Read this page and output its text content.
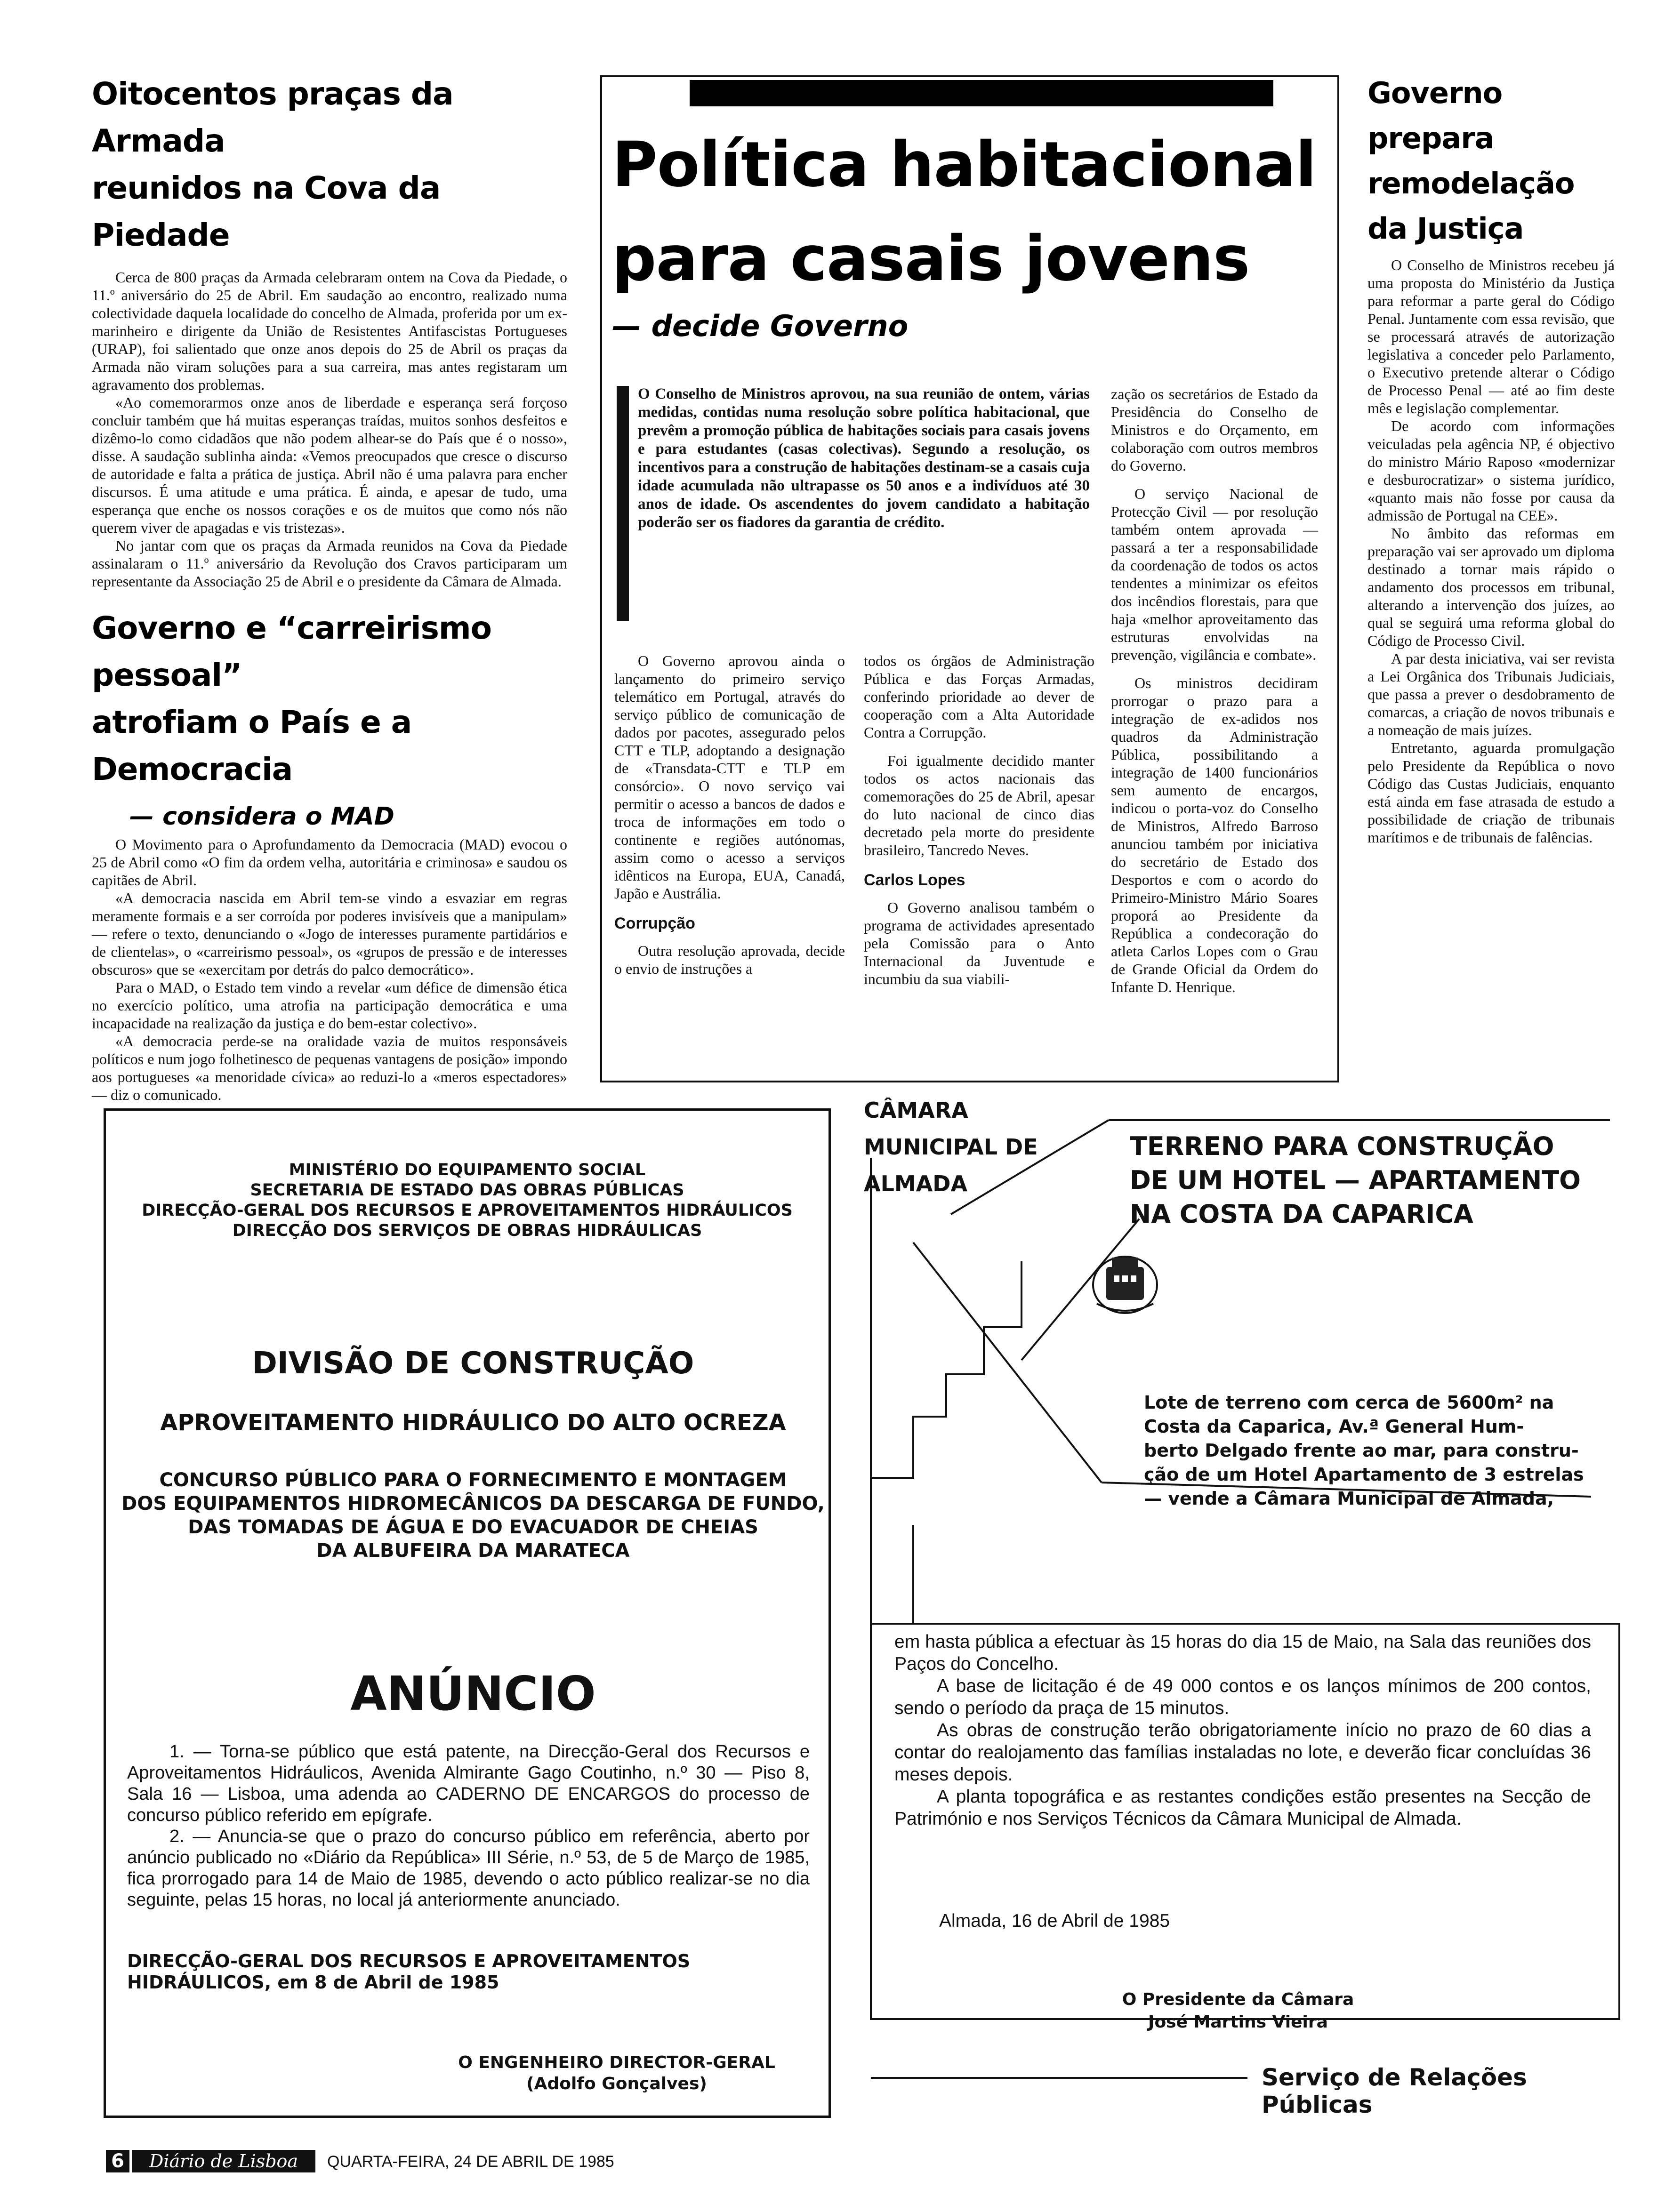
Oitocentos praças da Armada
reunidos na Cova da Piedade

Cerca de 800 praças da Armada celebraram ontem na Cova da Piedade, o 11.º aniversário do 25 de Abril. Em saudação ao encontro, realizado numa colectividade daquela localidade do concelho de Almada, proferida por um ex-marinheiro e dirigente da União de Resistentes Antifascistas Portugueses (URAP), foi salientado que onze anos depois do 25 de Abril os praças da Armada não viram soluções para a sua carreira, mas antes registaram um agravamento dos problemas.

«Ao comemorarmos onze anos de liberdade e esperança será forçoso concluir também que há muitas esperanças traídas, muitos sonhos desfeitos e dizêmo-lo como cidadãos que não podem alhear-se do País que é o nosso», disse. A saudação sublinha ainda: «Vemos preocupados que cresce o discurso de autoridade e falta a prática de justiça. Abril não é uma palavra para encher discursos. É uma atitude e uma prática. É ainda, e apesar de tudo, uma esperança que enche os nossos corações e os de muitos que como nós não querem viver de apagadas e vis tristezas».

No jantar com que os praças da Armada reunidos na Cova da Piedade assinalaram o 11.º aniversário da Revolução dos Cravos participaram um representante da Associação 25 de Abril e o presidente da Câmara de Almada.

Governo e “carreirismo pessoal”
atrofiam o País e a Democracia
— considera o MAD

O Movimento para o Aprofundamento da Democracia (MAD) evocou o 25 de Abril como «O fim da ordem velha, autoritária e criminosa» e saudou os capitães de Abril.

«A democracia nascida em Abril tem-se vindo a esvaziar em regras meramente formais e a ser corroída por poderes invisíveis que a manipulam» — refere o texto, denunciando o «Jogo de interesses puramente partidários e de clientelas», o «carreirismo pessoal», os «grupos de pressão e de interesses obscuros» que se «exercitam por detrás do palco democrático».

Para o MAD, o Estado tem vindo a revelar «um défice de dimensão ética no exercício político, uma atrofia na participação democrática e uma incapacidade na realização da justiça e do bem-estar colectivo».

«A democracia perde-se na oralidade vazia de muitos responsáveis políticos e num jogo folhetinesco de pequenas vantagens de posição» impondo aos portugueses «a menoridade cívica» ao reduzi-lo a «meros espectadores» — diz o comunicado.

Política habitacional
para casais jovens
— decide Governo
O Conselho de Ministros aprovou, na sua reunião de ontem, várias medidas, contidas numa resolução sobre política habitacional, que prevêm a promoção pública de habitações sociais para casais jovens e para estudantes (casas colectivas). Segundo a resolução, os incentivos para a construção de habitações destinam-se a casais cuja idade acumulada não ultrapasse os 50 anos e a indivíduos até 30 anos de idade. Os ascendentes do jovem candidato a habitação poderão ser os fiadores da garantia de crédito.

zação os secretários de Estado da Presidência do Conselho de Ministros e do Orçamento, em colaboração com outros membros do Governo.

O serviço Nacional de Protecção Civil — por resolução também ontem aprovada — passará a ter a responsabilidade da coordenação de todos os actos tendentes a minimizar os efeitos dos incêndios florestais, para que haja «melhor aproveitamento das estruturas envolvidas na prevenção, vigilância e combate».

Os ministros decidiram prorrogar o prazo para a integração de ex-adidos nos quadros da Administração Pública, possibilitando a integração de 1400 funcionários sem aumento de encargos, indicou o porta-voz do Conselho de Ministros, Alfredo Barroso anunciou também por iniciativa do secretário de Estado dos Desportos e com o acordo do Primeiro-Ministro Mário Soares proporá ao Presidente da República a condecoração do atleta Carlos Lopes com o Grau de Grande Oficial da Ordem do Infante D. Henrique.

O Governo aprovou ainda o lançamento do primeiro serviço telemático em Portugal, através do serviço público de comunicação de dados por pacotes, assegurado pelos CTT e TLP, adoptando a designação de «Transdata-CTT e TLP em consórcio». O novo serviço vai permitir o acesso a bancos de dados e troca de informações em todo o continente e regiões autónomas, assim como o acesso a serviços idênticos na Europa, EUA, Canadá, Japão e Austrália.

Corrupção

Outra resolução aprovada, decide o envio de instruções a

todos os órgãos de Administração Pública e das Forças Armadas, conferindo prioridade ao dever de cooperação com a Alta Autoridade Contra a Corrupção.

Foi igualmente decidido manter todos os actos nacionais das comemorações do 25 de Abril, apesar do luto nacional de cinco dias decretado pela morte do presidente brasileiro, Tancredo Neves.

Carlos Lopes

O Governo analisou também o programa de actividades apresentado pela Comissão para o Anto Internacional da Juventude e incumbiu da sua viabili-

Governo
prepara
remodelação
da Justiça

O Conselho de Ministros recebeu já uma proposta do Ministério da Justiça para reformar a parte geral do Código Penal. Juntamente com essa revisão, que se processará através de autorização legislativa a conceder pelo Parlamento, o Executivo pretende alterar o Código de Processo Penal — até ao fim deste mês e legislação complementar.

De acordo com informações veiculadas pela agência NP, é objectivo do ministro Mário Raposo «modernizar e desburocratizar» o sistema jurídico, «quanto mais não fosse por causa da admissão de Portugal na CEE».

No âmbito das reformas em preparação vai ser aprovado um diploma destinado a tornar mais rápido o andamento dos processos em tribunal, alterando a intervenção dos juízes, ao qual se seguirá uma reforma global do Código de Processo Civil.

A par desta iniciativa, vai ser revista a Lei Orgânica dos Tribunais Judiciais, que passa a prever o desdobramento de comarcas, a criação de novos tribunais e a nomeação de mais juízes.

Entretanto, aguarda promulgação pelo Presidente da República o novo Código das Custas Judiciais, enquanto está ainda em fase atrasada de estudo a possibilidade de criação de tribunais marítimos e de tribunais de falências.

MINISTÉRIO DO EQUIPAMENTO SOCIAL
SECRETARIA DE ESTADO DAS OBRAS PÚBLICAS
DIRECÇÃO-GERAL DOS RECURSOS E APROVEITAMENTOS HIDRÁULICOS
DIRECÇÃO DOS SERVIÇOS DE OBRAS HIDRÁULICAS
DIVISÃO DE CONSTRUÇÃO
APROVEITAMENTO HIDRÁULICO DO ALTO OCREZA
CONCURSO PÚBLICO PARA O FORNECIMENTO E MONTAGEM
DOS EQUIPAMENTOS HIDROMECÂNICOS DA DESCARGA DE FUNDO,
DAS TOMADAS DE ÁGUA E DO EVACUADOR DE CHEIAS
DA ALBUFEIRA DA MARATECA
ANÚNCIO

1. — Torna-se público que está patente, na Direcção-Geral dos Recursos e Aproveitamentos Hidráulicos, Avenida Almirante Gago Coutinho, n.º 30 — Piso 8, Sala 16 — Lisboa, uma adenda ao CADERNO DE ENCARGOS do processo de concurso público referido em epígrafe.

2. — Anuncia-se que o prazo do concurso público em referência, aberto por anúncio publicado no «Diário da República» III Série, n.º 53, de 5 de Março de 1985, fica prorrogado para 14 de Maio de 1985, devendo o acto público realizar-se no dia seguinte, pelas 15 horas, no local já anteriormente anunciado.

DIRECÇÃO-GERAL DOS RECURSOS E APROVEITAMENTOS
HIDRÁULICOS, em 8 de Abril de 1985
O ENGENHEIRO DIRECTOR-GERAL
(Adolfo Gonçalves)
CÂMARA
MUNICIPAL DE
ALMADA
TERRENO PARA CONSTRUÇÃO
DE UM HOTEL — APARTAMENTO
NA COSTA DA CAPARICA
Lote de terreno com cerca de 5600m² na
Costa da Caparica, Av.ª General Hum-
berto Delgado frente ao mar, para constru-
ção de um Hotel Apartamento de 3 estrelas
— vende a Câmara Municipal de Almada,

em hasta pública a efectuar às 15 horas do dia 15 de Maio, na Sala das reuniões dos Paços do Concelho.

A base de licitação é de 49 000 contos e os lanços mínimos de 200 contos, sendo o período da praça de 15 minutos.

As obras de construção terão obrigatoriamente início no prazo de 60 dias a contar do realojamento das famílias instaladas no lote, e deverão ficar concluídas 36 meses depois.

A planta topográfica e as restantes condições estão presentes na Secção de Património e nos Serviços Técnicos da Câmara Municipal de Almada.

Almada, 16 de Abril de 1985
O Presidente da Câmara
José Martins Vieira
Serviço de Relações Públicas
6	Diário de Lisboa	QUARTA-FEIRA, 24 DE ABRIL DE 1985
